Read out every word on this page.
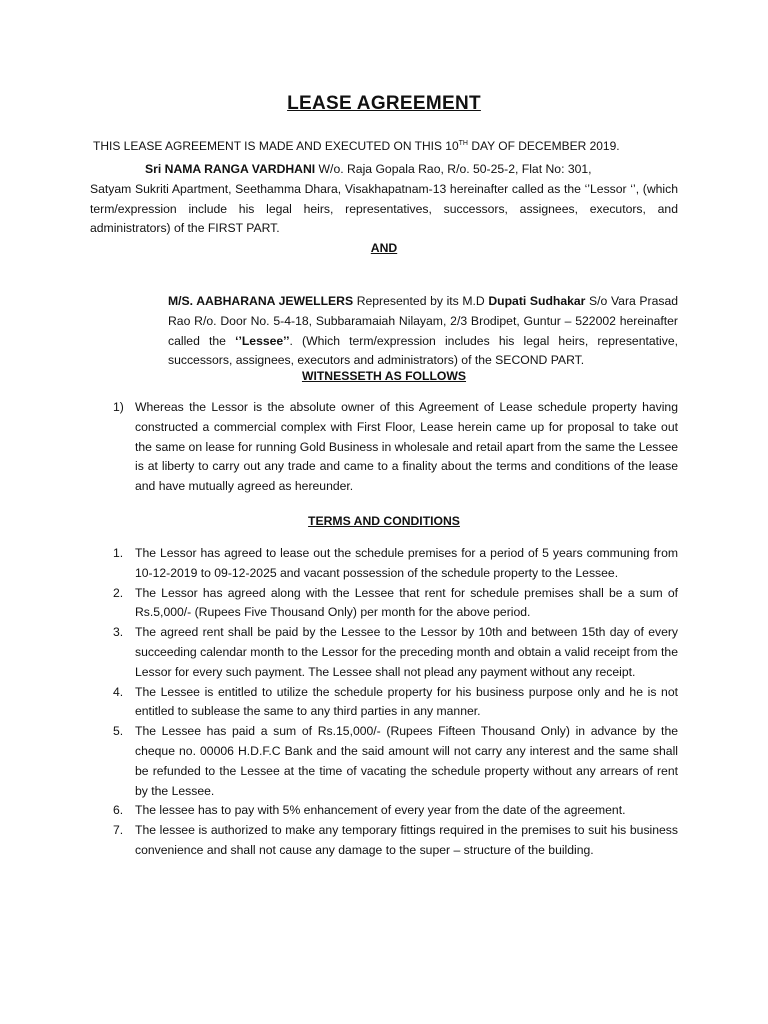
LEASE AGREEMENT
THIS LEASE AGREEMENT IS MADE AND EXECUTED ON THIS 10TH DAY OF DECEMBER 2019.
Sri NAMA RANGA VARDHANI W/o. Raja Gopala Rao, R/o. 50-25-2, Flat No: 301,
Satyam Sukriti Apartment, Seethamma Dhara, Visakhapatnam-13 hereinafter called as the ‘’Lessor ‘’, (which term/expression include his legal heirs, representatives, successors, assignees, executors, and administrators) of the FIRST PART.
AND
M/S. AABHARANA JEWELLERS Represented by its M.D Dupati Sudhakar S/o Vara Prasad Rao R/o. Door No. 5-4-18, Subbaramaiah Nilayam, 2/3 Brodipet, Guntur – 522002 hereinafter called the ‘’Lessee’’. (Which term/expression includes his legal heirs, representative, successors, assignees, executors and administrators) of the SECOND PART.
WITNESSETH AS FOLLOWS
1) Whereas the Lessor is the absolute owner of this Agreement of Lease schedule property having constructed a commercial complex with First Floor, Lease herein came up for proposal to take out the same on lease for running Gold Business in wholesale and retail apart from the same the Lessee is at liberty to carry out any trade and came to a finality about the terms and conditions of the lease and have mutually agreed as hereunder.
TERMS AND CONDITIONS
1. The Lessor has agreed to lease out the schedule premises for a period of 5 years communing from 10-12-2019 to 09-12-2025 and vacant possession of the schedule property to the Lessee.
2. The Lessor has agreed along with the Lessee that rent for schedule premises shall be a sum of Rs.5,000/- (Rupees Five Thousand Only) per month for the above period.
3. The agreed rent shall be paid by the Lessee to the Lessor by 10th and between 15th day of every succeeding calendar month to the Lessor for the preceding month and obtain a valid receipt from the Lessor for every such payment. The Lessee shall not plead any payment without any receipt.
4. The Lessee is entitled to utilize the schedule property for his business purpose only and he is not entitled to sublease the same to any third parties in any manner.
5. The Lessee has paid a sum of Rs.15,000/- (Rupees Fifteen Thousand Only) in advance by the cheque no. 00006 H.D.F.C Bank and the said amount will not carry any interest and the same shall be refunded to the Lessee at the time of vacating the schedule property without any arrears of rent by the Lessee.
6. The lessee has to pay with 5% enhancement of every year from the date of the agreement.
7. The lessee is authorized to make any temporary fittings required in the premises to suit his business convenience and shall not cause any damage to the super – structure of the building.
